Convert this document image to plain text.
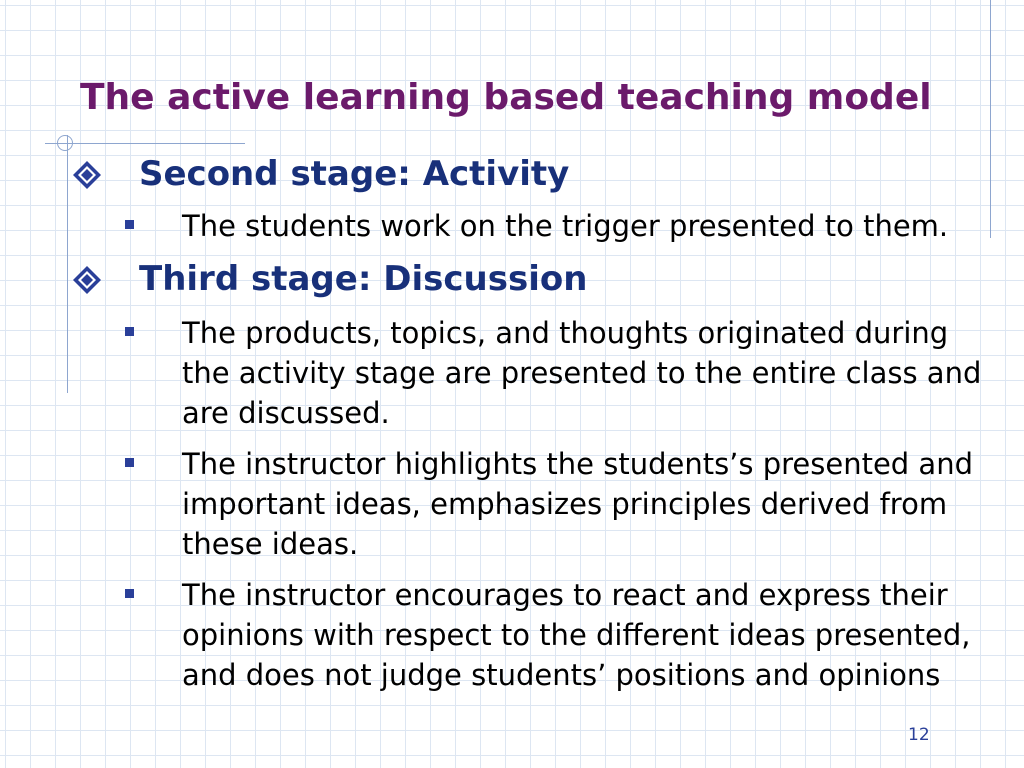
The active learning based teaching model
Second stage: Activity
The students work on the trigger presented to them.
Third stage: Discussion
The products, topics, and thoughts originated during the activity stage are presented to the entire class and are discussed.
The instructor highlights the students’s presented and important ideas, emphasizes principles derived from these ideas.
The instructor encourages to react and express their opinions with respect to the different ideas presented, and does not judge students’ positions and opinions
12
